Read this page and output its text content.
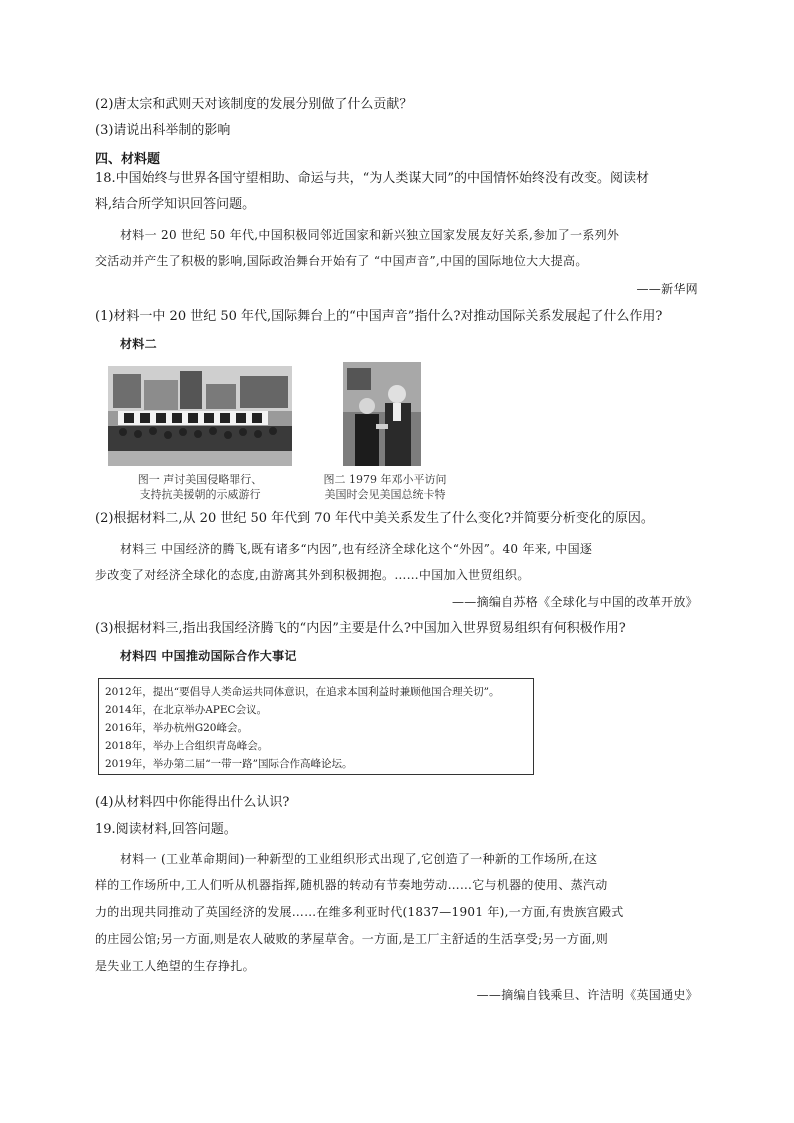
(2)唐太宗和武则天对该制度的发展分别做了什么贡献？
(3)请说出科举制的影响
四、材料题
18.中国始终与世界各国守望相助、命运与共，“为人类谋大同”的中国情怀始终没有改变。阅读材
料,结合所学知识回答问题。
材料一 20 世纪 50 年代,中国积极同邻近国家和新兴独立国家发展友好关系,参加了一系列外
交活动并产生了积极的影响,国际政治舞台开始有了 “中国声音”,中国的国际地位大大提高。
——新华网
(1)材料一中 20 世纪 50 年代,国际舞台上的“中国声音”指什么?对推动国际关系发展起了什么作用?
材料二
图一 声讨美国侵略罪行、
支持抗美援朝的示威游行
图二 1979 年邓小平访问
美国时会见美国总统卡特
(2)根据材料二,从 20 世纪 50 年代到 70 年代中美关系发生了什么变化?并简要分析变化的原因。
材料三 中国经济的腾飞,既有诸多“内因”,也有经济全球化这个“外因”。40 年来, 中国逐
步改变了对经济全球化的态度,由游离其外到积极拥抱。……中国加入世贸组织。
——摘编自苏格《全球化与中国的改革开放》
(3)根据材料三,指出我国经济腾飞的“内因”主要是什么?中国加入世界贸易组织有何积极作用?
材料四 中国推动国际合作大事记
2012年，提出“要倡导人类命运共同体意识，在追求本国利益时兼顾他国合理关切”。
2014年，在北京举办APEC会议。
2016年，举办杭州G20峰会。
2018年，举办上合组织青岛峰会。
2019年，举办第二届“一带一路”国际合作高峰论坛。
(4)从材料四中你能得出什么认识?
19.阅读材料,回答问题。
材料一 (工业革命期间)一种新型的工业组织形式出现了,它创造了一种新的工作场所,在这
样的工作场所中,工人们听从机器指挥,随机器的转动有节奏地劳动……它与机器的使用、蒸汽动
力的出现共同推动了英国经济的发展……在维多利亚时代(1837—1901 年),一方面,有贵族宫殿式
的庄园公馆;另一方面,则是农人破败的茅屋草舍。一方面,是工厂主舒适的生活享受;另一方面,则
是失业工人绝望的生存挣扎。
——摘编自钱乘旦、许洁明《英国通史》
